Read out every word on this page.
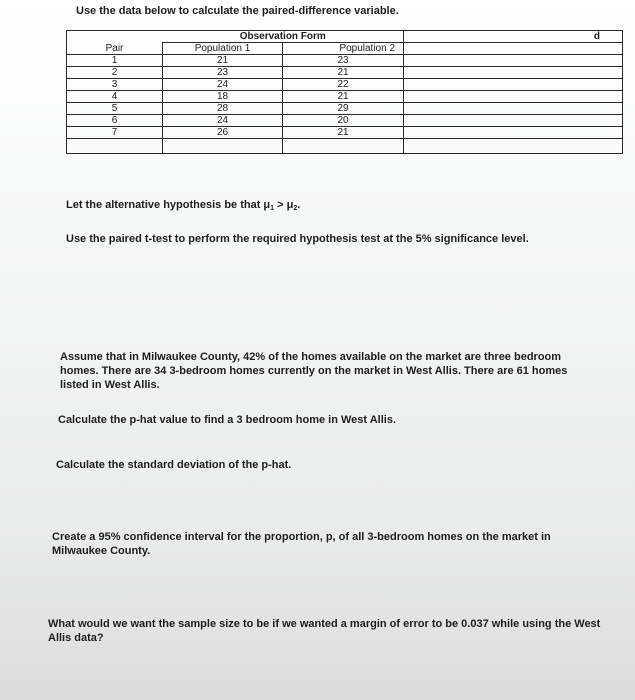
Use the data below to calculate the paired-difference variable.
	Observation Form		d
Pair	Population 1	Population 2	
1	21	23	
2	23	21	
3	24	22	
4	18	21	
5	28	29	
6	24	20	
7	26	21	

Let the alternative hypothesis be that $\mu_1 > \mu_2$.
Use the paired t-test to perform the required hypothesis test at the 5% significance level.
Assume that in Milwaukee County, 42% of the homes available on the market are three bedroom homes. There are 34 3-bedroom homes currently on the market in West Allis. There are 61 homes listed in West Allis.
Calculate the p-hat value to find a 3 bedroom home in West Allis.
Calculate the standard deviation of the p-hat.
Create a 95% confidence interval for the proportion, p, of all 3-bedroom homes on the market in Milwaukee County.
What would we want the sample size to be if we wanted a margin of error to be 0.037 while using the West Allis data?
